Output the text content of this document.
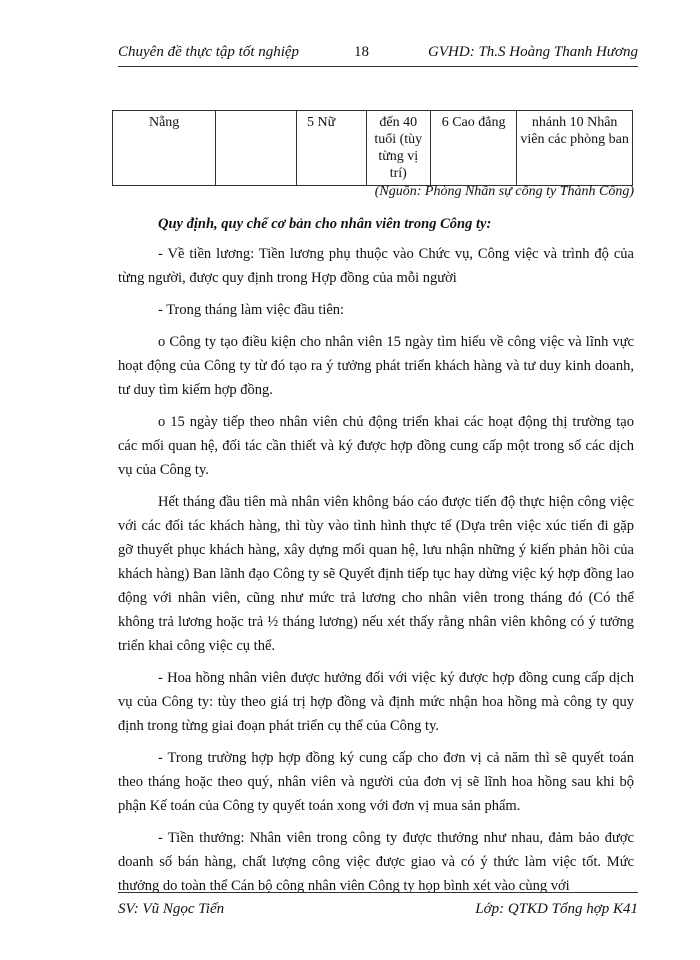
Chuyên đề thực tập tốt nghiệp	18	GVHD: Th.S Hoàng Thanh Hương
Nẵng		5 Nữ	đến 40 tuổi (tùy từng vị trí)	6 Cao đẳng	nhánh 10 Nhân viên các phòng ban
(Nguồn: Phòng Nhân sự công ty Thành Công)

Quy định, quy chế cơ bản cho nhân viên trong Công ty:

- Về tiền lương: Tiền lương phụ thuộc vào Chức vụ, Công việc và trình độ của từng người, được quy định trong Hợp đồng của mỗi người

- Trong tháng làm việc đầu tiên:

o Công ty tạo điều kiện cho nhân viên 15 ngày tìm hiểu về công việc và lĩnh vực hoạt động của Công ty từ đó tạo ra ý tưởng phát triển khách hàng và tư duy kinh doanh, tư duy tìm kiếm hợp đồng.

o 15 ngày tiếp theo nhân viên chủ động triển khai các hoạt động thị trường tạo các mối quan hệ, đối tác cần thiết và ký được hợp đồng cung cấp một trong số các dịch vụ của Công ty.

Hết tháng đầu tiên mà nhân viên không báo cáo được tiến độ thực hiện công việc với các đối tác khách hàng, thì tùy vào tình hình thực tế (Dựa trên việc xúc tiến đi gặp gỡ thuyết phục khách hàng, xây dựng mối quan hệ, lưu nhận những ý kiến phản hồi của khách hàng) Ban lãnh đạo Công ty sẽ Quyết định tiếp tục hay dừng việc ký hợp đồng lao động với nhân viên, cũng như mức trả lương cho nhân viên trong tháng đó (Có thể không trả lương hoặc trả ½ tháng lương) nếu xét thấy rằng nhân viên không có ý tưởng triển khai công việc cụ thể.

- Hoa hồng nhân viên được hưởng đối với việc ký được hợp đồng cung cấp dịch vụ của Công ty: tùy theo giá trị hợp đồng và định mức nhận hoa hồng mà công ty quy định trong từng giai đoạn phát triển cụ thể của Công ty.

- Trong trường hợp hợp đồng ký cung cấp cho đơn vị cả năm thì sẽ quyết toán theo tháng hoặc theo quý, nhân viên và người của đơn vị sẽ lĩnh hoa hồng sau khi bộ phận Kế toán của Công ty quyết toán xong với đơn vị mua sản phẩm.

- Tiền thưởng: Nhân viên trong công ty được thưởng như nhau, đảm bảo được doanh số bán hàng, chất lượng công việc được giao và có ý thức làm việc tốt. Mức thưởng do toàn thể Cán bộ công nhân viên Công ty họp bình xét vào cùng với

SV: Vũ Ngọc Tiến	Lớp: QTKD Tổng hợp K41
